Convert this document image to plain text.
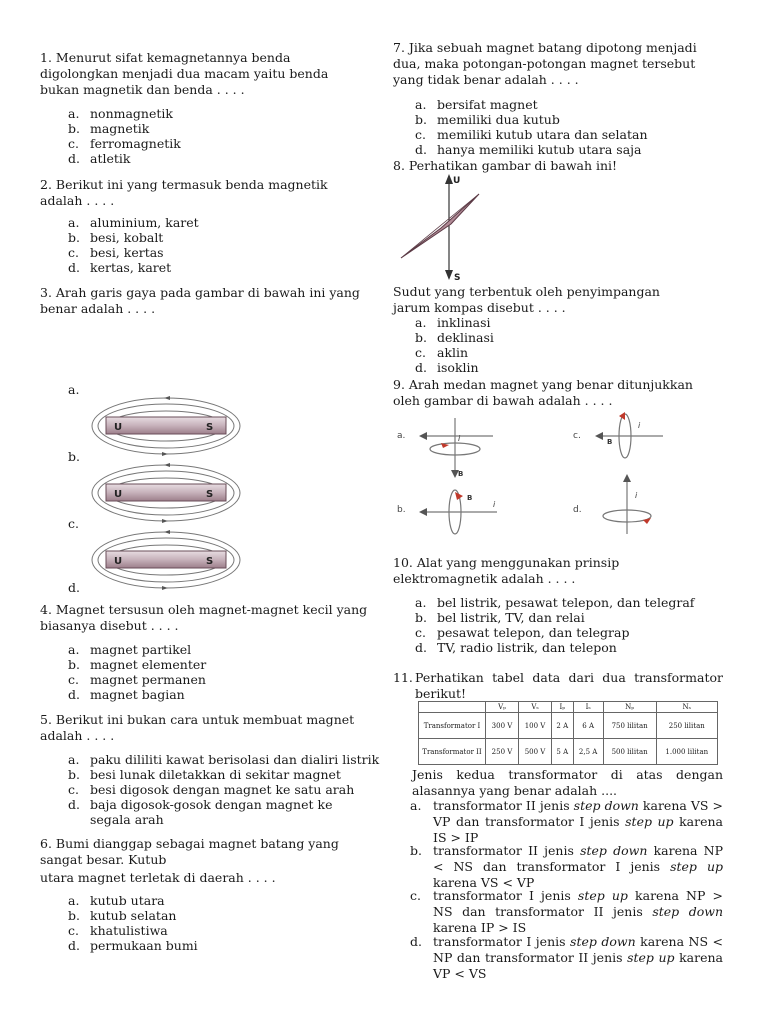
1. Menurut sifat kemagnetannya benda digolongkan menjadi dua macam yaitu benda bukan magnetik dan benda . . . .
a. nonmagnetik
b. magnetik
c. ferromagnetik
d. atletik
2. Berikut ini yang termasuk benda magnetik adalah . . . .
a. aluminium, karet
b. besi, kobalt
c. besi, kertas
d. kertas, karet
3. Arah garis gaya pada gambar di bawah ini yang benar adalah . . . .
a.
b.
c.
d.
U	S
U	S
U	S
4. Magnet tersusun oleh magnet-magnet kecil yang biasanya disebut . . . .
a. magnet partikel
b. magnet elementer
c. magnet permanen
d. magnet bagian
5. Berikut ini bukan cara untuk membuat magnet adalah . . . .
a. paku dililiti kawat berisolasi dan dialiri listrik
b. besi lunak diletakkan di sekitar magnet
c. besi digosok dengan magnet ke satu arah
d. baja digosok-gosok dengan magnet ke segala arah
6. Bumi dianggap sebagai magnet batang yang sangat besar. Kutub
utara magnet terletak di daerah . . . .
a. kutub utara
b. kutub selatan
c. khatulistiwa
d. permukaan bumi
7. Jika sebuah magnet batang dipotong menjadi dua, maka potongan-potongan magnet tersebut yang tidak benar adalah . . . .
a. bersifat magnet
b. memiliki dua kutub
c. memiliki kutub utara dan selatan
d. hanya memiliki kutub utara saja
8. Perhatikan gambar di bawah ini!
U
S
Sudut yang terbentuk oleh penyimpangan jarum kompas disebut . . . .
a. inklinasi
b. deklinasi
c. aklin
d. isoklin
9. Arah medan magnet yang benar ditunjukkan oleh gambar di bawah adalah . . . .
a.	i
B
c.
i
B
b.
B
i
d.
i
10. Alat yang menggunakan prinsip elektromagnetik adalah . . . .
a. bel listrik, pesawat telepon, dan telegraf
b. bel listrik, TV, dan relai
c. pesawat telepon, dan telegrap
d. TV, radio listrik, dan telepon
11. Perhatikan tabel data dari dua transformator berikut!
	Vₚ	Vₛ	Iₚ	Iₛ	Nₚ	Nₛ
Transformator I	300 V	100 V	2 A	6 A	750 lilitan	250 lilitan
Transformator II	250 V	500 V	5 A	2,5 A	500 lilitan	1.000 lilitan
Jenis kedua transformator di atas dengan alasannya yang benar adalah ....
a. transformator II jenis step down karena VS > VP dan transformator I jenis step up karena IS > IP
b. transformator II jenis step down karena NP < NS dan transformator I jenis step up karena VS < VP
c. transformator I jenis step up karena NP > NS dan transformator II jenis step down karena IP > IS
d. transformator I jenis step down karena NS < NP dan transformator II jenis step up karena VP < VS
